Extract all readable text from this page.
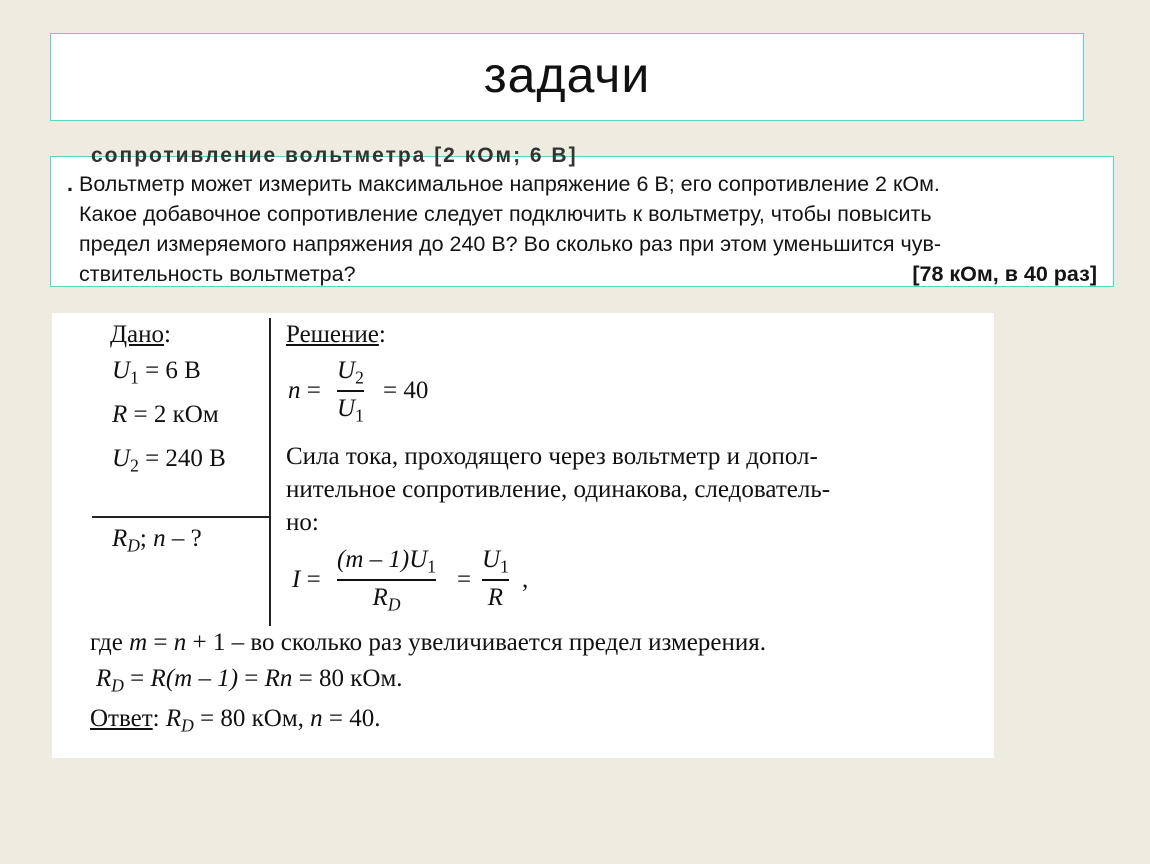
задачи
сопротивление вольтметра [2 кОм; 6 В]
. Вольтметр может измерить максимальное напряжение 6 В; его сопротивление 2 кОм.
Какое добавочное сопротивление следует подключить к вольтметру, чтобы повысить
предел измеряемого напряжения до 240 В? Во сколько раз при этом уменьшится чув-
ствительность вольтметра?	[78 кОм, в 40 раз]
Дано:
$U_1 = 6$ В
R = 2 кОм
$U_2 = 240$ В
$R_D$; n – ?
Решение:
n =
$U_2$
$U_1$
= 40
Сила тока, проходящего через вольтметр и допол-
нительное сопротивление, одинакова, следователь-
но:
I =
$(m - 1)U_1$
$R_D$
=
$U_1$
R
,
где m = n + 1 – во сколько раз увеличивается предел измерения.
$R_D = R(m - 1) = Rn = 80$ кОм.
Ответ: $R_D = 80$ кОм, n = 40.
